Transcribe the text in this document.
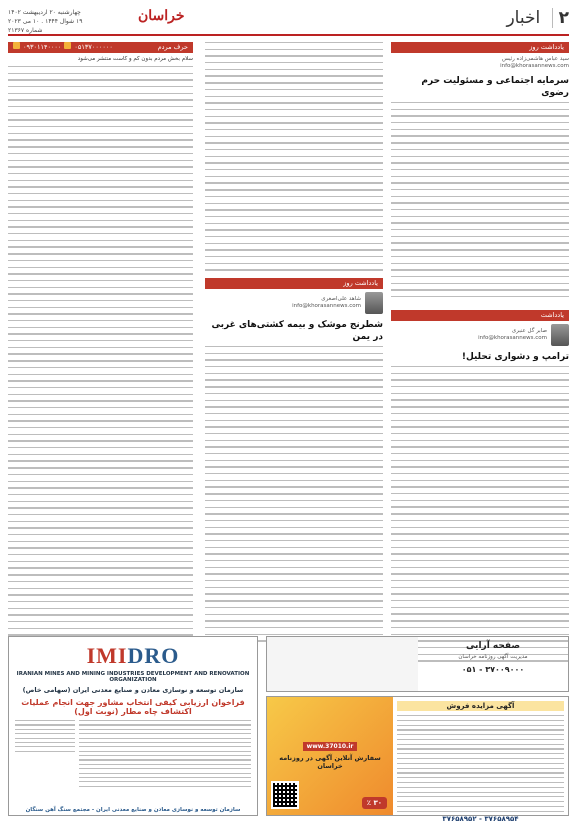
۲ اخبار
خراسان
چهارشنبه ۲۰ اردیبهشت ۱۴۰۲
۱۹ شوال ۱۴۴۴ . ۱۰ می ۲۰۲۳
شماره ۲۱۳۶۷
یادداشت روز
سید عباس ‌هاشمی‌زاده رئیس
info@khorasannews.com
سرمایه اجتماعی و مسئولیت حرم رضوی
یادداشت
صابر گل عنبری
info@khorasannews.com
ترامپ و دشواری تحلیل!
یادداشت روز
شاهد علی‌اصغری
info@khorasannews.com
شطرنج موشک و بیمه کشتی‌های غربی در یمن
حرف مردم
۰۹۳۰۱۱۴۰۰۰۰ ۰۵۱۳۷۰۰۰۰۰۰
سلام بخش مردم بدون کم و کاست منتشر می‌شود
IMIDRO
IRANIAN MINES AND MINING INDUSTRIES DEVELOPMENT AND RENOVATION ORGANIZATION
سازمان توسعه و نوسازی معادن و صنایع معدنی ایران (سهامی خاص)
فراخوان ارزیابی کیفی انتخاب مشاور جهت انجام عملیات اکتشاف چاه مطار (نوبت اول)
سازمان توسعه و نوسازی معادن و صنایع معدنی ایران - مجتمع سنگ آهن سنگان
صفحه آرایی
مدیریت آگهی روزنامه خراسان
۰۵۱ - ۳۷۰۰۹۰۰۰
آگهی مزایده فروش
۳۷۶۵۸۹۵۲ - ۳۷۶۵۸۹۵۴
www.37010.ir
سفارش آنلاین آگهی در روزنامه خراسان
۳۰ ٪
